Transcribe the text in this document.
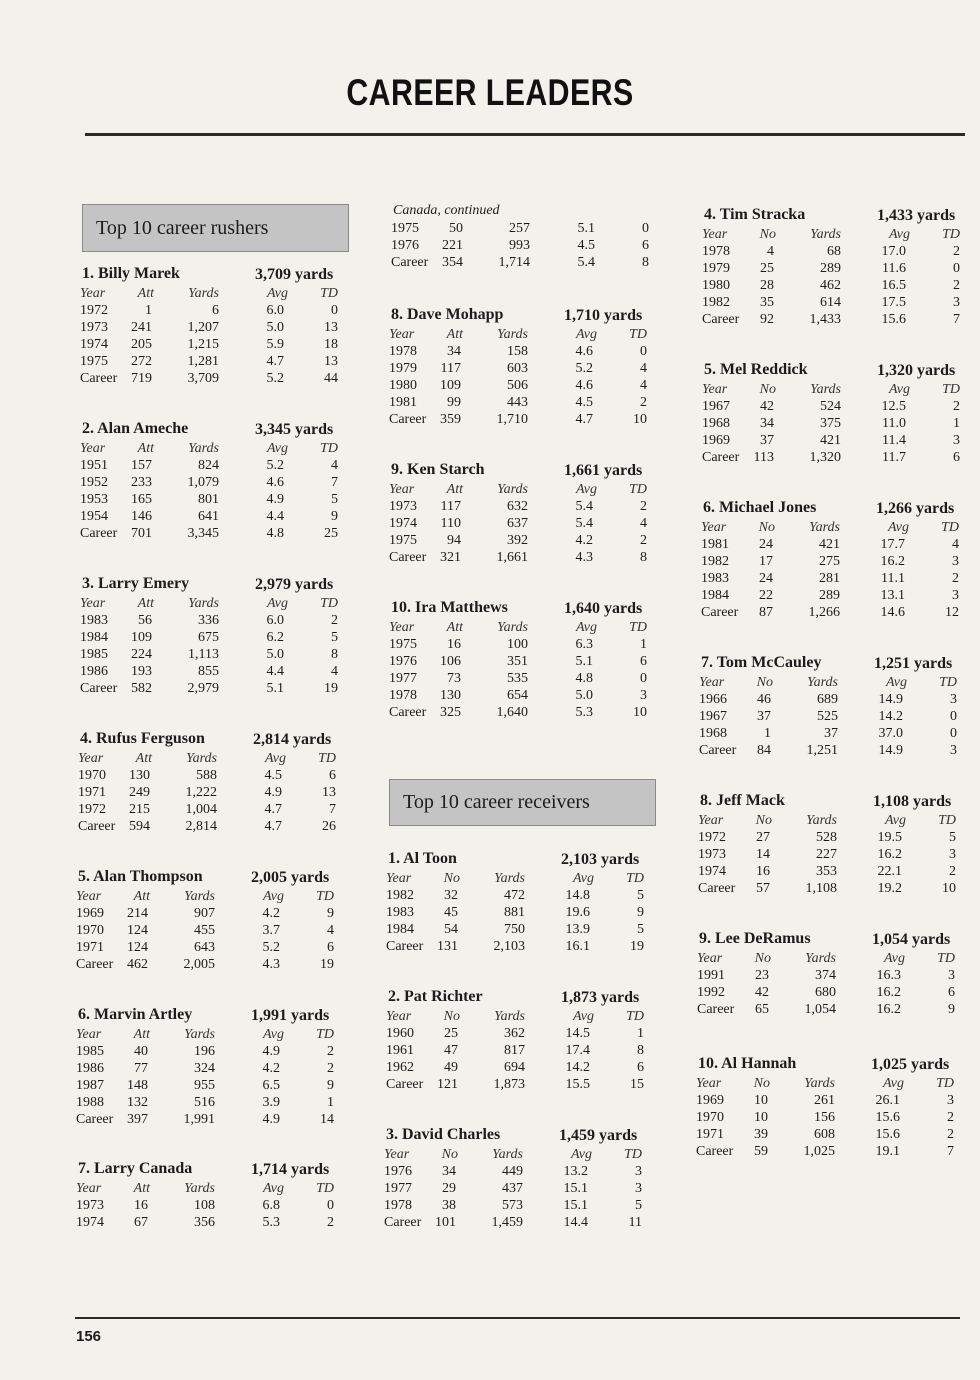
CAREER LEADERS
Top 10 career rushers
Top 10 career receivers
1. Billy Marek	3,709 yards
Year Att Yards	Avg TD
1972	1	6	6.0	0
1973 241	1,207	5.0	13
1974 205	1,215	5.9	18
1975 272	1,281	4.7	13
Career 719	3,709	5.2	44
2. Alan Ameche	3,345 yards
Year Att Yards	Avg TD
1951 157	824	5.2	4
1952 233	1,079	4.6	7
1953 165	801	4.9	5
1954 146	641	4.4	9
Career 701	3,345	4.8	25
3. Larry Emery	2,979 yards
Year Att Yards	Avg TD
1983 56	336	6.0	2
1984 109	675	6.2	5
1985 224	1,113	5.0	8
1986 193	855	4.4	4
Career 582	2,979	5.1	19
4. Rufus Ferguson	2,814 yards
Year Att Yards	Avg TD
1970 130	588	4.5	6
1971 249	1,222	4.9	13
1972 215	1,004	4.7	7
Career 594	2,814	4.7	26
5. Alan Thompson	2,005 yards
Year Att Yards	Avg TD
1969 214	907	4.2	9
1970 124	455	3.7	4
1971 124	643	5.2	6
Career 462	2,005	4.3	19
6. Marvin Artley	1,991 yards
Year Att Yards	Avg TD
1985 40	196	4.9	2
1986 77	324	4.2	2
1987 148	955	6.5	9
1988 132	516	3.9	1
Career 397	1,991	4.9	14
7. Larry Canada	1,714 yards
Year Att Yards	Avg TD
1973 16	108	6.8	0
1974 67	356	5.3	2
Canada, continued
1975 50	257	5.1	0
1976 221	993	4.5	6
Career 354	1,714	5.4	8
8. Dave Mohapp	1,710 yards
Year Att Yards	Avg TD
1978 34	158	4.6	0
1979 117	603	5.2	4
1980 109	506	4.6	4
1981 99	443	4.5	2
Career 359	1,710	4.7	10
9. Ken Starch	1,661 yards
Year Att Yards	Avg TD
1973 117	632	5.4	2
1974 110	637	5.4	4
1975 94	392	4.2	2
Career 321	1,661	4.3	8
10. Ira Matthews	1,640 yards
Year Att Yards	Avg TD
1975 16	100	6.3	1
1976 106	351	5.1	6
1977 73	535	4.8	0
1978 130	654	5.0	3
Career 325	1,640	5.3	10
1. Al Toon	2,103 yards
Year No Yards	Avg TD
1982 32	472	14.8	5
1983 45	881	19.6	9
1984 54	750	13.9	5
Career 131	2,103	16.1	19
2. Pat Richter	1,873 yards
Year No Yards	Avg TD
1960 25	362	14.5	1
1961 47	817	17.4	8
1962 49	694	14.2	6
Career 121	1,873	15.5	15
3. David Charles	1,459 yards
Year No Yards	Avg TD
1976 34	449	13.2	3
1977 29	437	15.1	3
1978 38	573	15.1	5
Career 101	1,459	14.4	11
4. Tim Stracka	1,433 yards
Year No Yards	Avg TD
1978	4	68	17.0	2
1979 25	289	11.6	0
1980 28	462	16.5	2
1982 35	614	17.5	3
Career 92	1,433	15.6	7
5. Mel Reddick	1,320 yards
Year No Yards	Avg TD
1967 42	524	12.5	2
1968 34	375	11.0	1
1969 37	421	11.4	3
Career 113	1,320	11.7	6
6. Michael Jones	1,266 yards
Year No Yards	Avg TD
1981 24	421	17.7	4
1982 17	275	16.2	3
1983 24	281	11.1	2
1984 22	289	13.1	3
Career 87	1,266	14.6	12
7. Tom McCauley	1,251 yards
Year No Yards	Avg TD
1966 46	689	14.9	3
1967 37	525	14.2	0
1968	1	37	37.0	0
Career 84	1,251	14.9	3
8. Jeff Mack	1,108 yards
Year No Yards	Avg TD
1972 27	528	19.5	5
1973 14	227	16.2	3
1974 16	353	22.1	2
Career 57	1,108	19.2	10
9. Lee DeRamus	1,054 yards
Year No Yards	Avg TD
1991 23	374	16.3	3
1992 42	680	16.2	6
Career 65	1,054	16.2	9
10. Al Hannah	1,025 yards
Year No Yards	Avg TD
1969 10	261	26.1	3
1970 10	156	15.6	2
1971 39	608	15.6	2
Career 59	1,025	19.1	7
156
